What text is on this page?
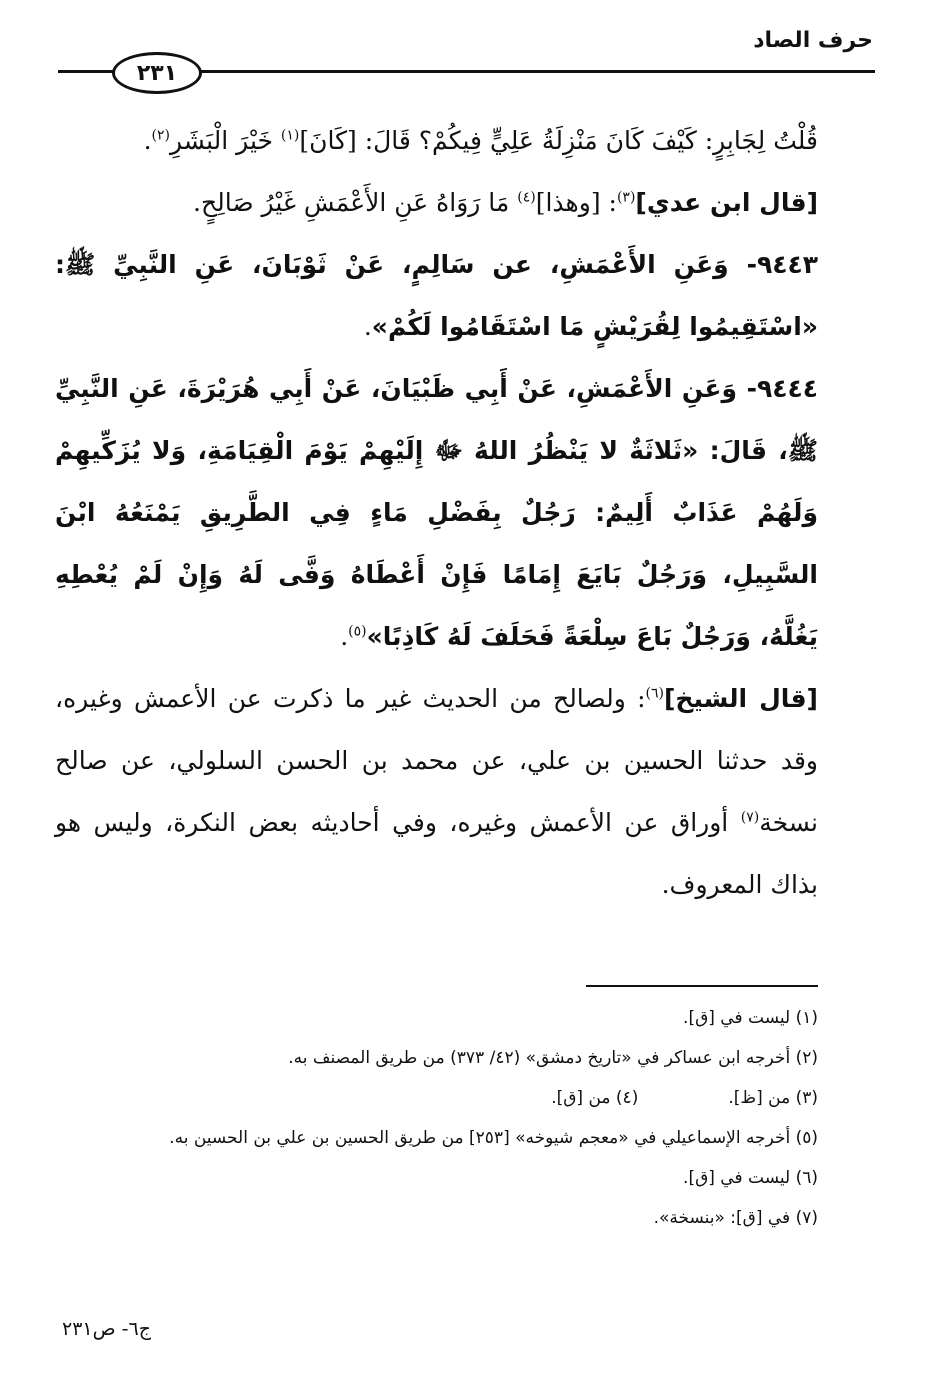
حرف الصاد
٢٣١

قُلْتُ لِجَابِرٍ: كَيْفَ كَانَ مَنْزِلَةُ عَلِيٍّ فِيكُمْ؟ قَالَ: [كَانَ]$^{(١)}$ خَيْرَ الْبَشَرِ$^{(٢)}$.

[قال ابن عدي]$^{(٣)}$: [وهذا]$^{(٤)}$ مَا رَوَاهُ عَنِ الأَعْمَشِ غَيْرُ صَالِحٍ.

٩٤٤٣- وَعَنِ الأَعْمَشِ، عن سَالِمٍ، عَنْ ثَوْبَانَ، عَنِ النَّبِيِّ ﷺ: «اسْتَقِيمُوا لِقُرَيْشٍ مَا اسْتَقَامُوا لَكُمْ».

٩٤٤٤- وَعَنِ الأَعْمَشِ، عَنْ أَبِي ظَبْيَانَ، عَنْ أَبِي هُرَيْرَةَ، عَنِ النَّبِيِّ ﷺ، قَالَ: «ثَلاثَةٌ لا يَنْظُرُ اللهُ ﷻ إِلَيْهِمْ يَوْمَ الْقِيَامَةِ، وَلا يُزَكِّيهِمْ وَلَهُمْ عَذَابٌ أَلِيمٌ: رَجُلٌ بِفَضْلِ مَاءٍ فِي الطَّرِيقِ يَمْنَعُهُ ابْنَ السَّبِيلِ، وَرَجُلٌ بَايَعَ إِمَامًا فَإِنْ أَعْطَاهُ وَفَّى لَهُ وَإِنْ لَمْ يُعْطِهِ يَغُلَّهُ، وَرَجُلٌ بَاعَ سِلْعَةً فَحَلَفَ لَهُ كَاذِبًا»$^{(٥)}$.

[قال الشيخ]$^{(٦)}$: ولصالح من الحديث غير ما ذكرت عن الأعمش وغيره، وقد حدثنا الحسين بن علي، عن محمد بن الحسن السلولي، عن صالح نسخة$^{(٧)}$ أوراق عن الأعمش وغيره، وفي أحاديثه بعض النكرة، وليس هو بذاك المعروف.

(١) ليست في [ق].
(٢) أخرجه ابن عساكر في «تاريخ دمشق» (٤٢/ ٣٧٣) من طريق المصنف به.
(٣) من [ظ].
(٤) من [ق].
(٥) أخرجه الإسماعيلي في «معجم شيوخه» [٢٥٣] من طريق الحسين بن علي بن الحسين به.
(٦) ليست في [ق].
(٧) في [ق]: «بنسخة».
ج٦- ص٢٣١
